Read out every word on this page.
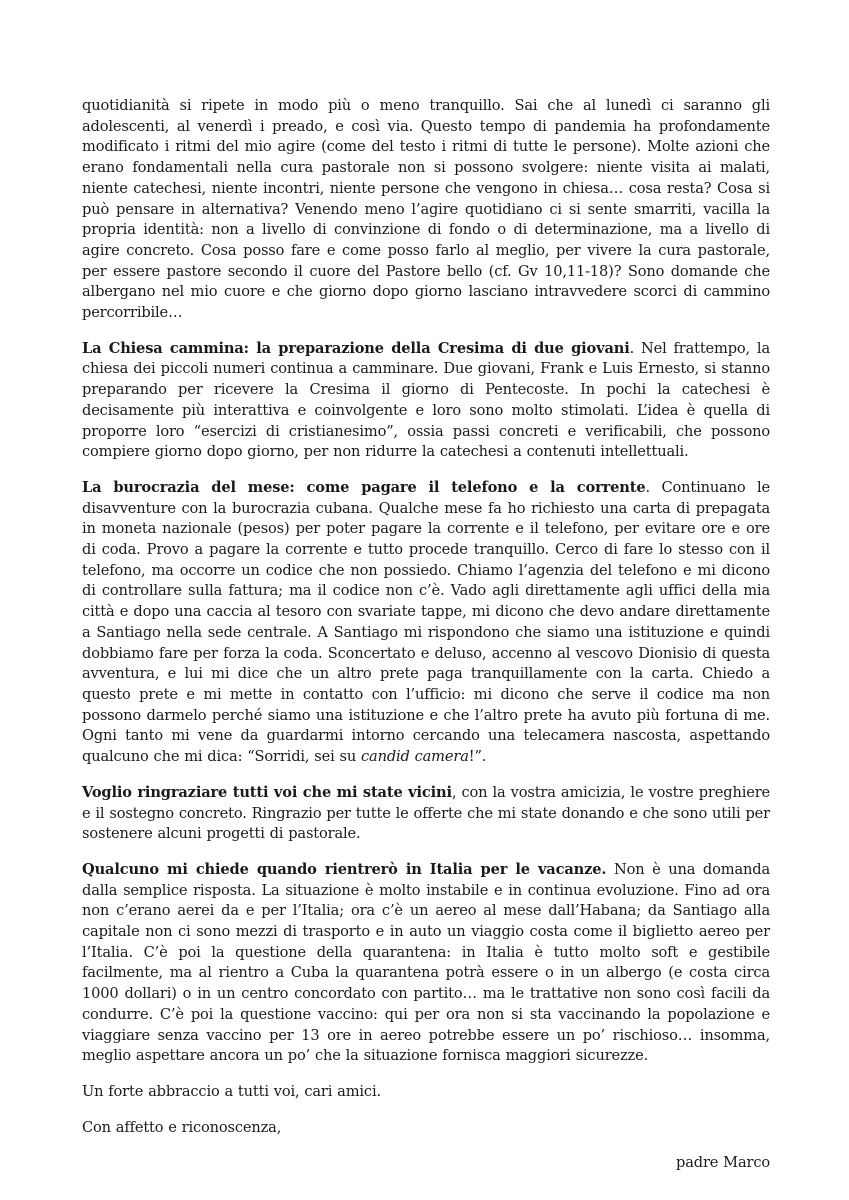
quotidianità si ripete in modo più o meno tranquillo. Sai che al lunedì ci saranno gli adolescenti, al venerdì i preado, e così via. Questo tempo di pandemia ha profondamente modificato i ritmi del mio agire (come del testo i ritmi di tutte le persone). Molte azioni che erano fondamentali nella cura pastorale non si possono svolgere: niente visita ai malati, niente catechesi, niente incontri, niente persone che vengono in chiesa… cosa resta? Cosa si può pensare in alternativa? Venendo meno l’agire quotidiano ci si sente smarriti, vacilla la propria identità: non a livello di convinzione di fondo o di determinazione, ma a livello di agire concreto. Cosa posso fare e come posso farlo al meglio, per vivere la cura pastorale, per essere pastore secondo il cuore del Pastore bello (cf. Gv 10,11-18)? Sono domande che albergano nel mio cuore e che giorno dopo giorno lasciano intravvedere scorci di cammino percorribile…

La Chiesa cammina: la preparazione della Cresima di due giovani. Nel frattempo, la chiesa dei piccoli numeri continua a camminare. Due giovani, Frank e Luis Ernesto, si stanno preparando per ricevere la Cresima il giorno di Pentecoste. In pochi la catechesi è decisamente più interattiva e coinvolgente e loro sono molto stimolati. L’idea è quella di proporre loro “esercizi di cristianesimo”, ossia passi concreti e verificabili, che possono compiere giorno dopo giorno, per non ridurre la catechesi a contenuti intellettuali.

La burocrazia del mese: come pagare il telefono e la corrente. Continuano le disavventure con la burocrazia cubana. Qualche mese fa ho richiesto una carta di prepagata in moneta nazionale (pesos) per poter pagare la corrente e il telefono, per evitare ore e ore di coda. Provo a pagare la corrente e tutto procede tranquillo. Cerco di fare lo stesso con il telefono, ma occorre un codice che non possiedo. Chiamo l’agenzia del telefono e mi dicono di controllare sulla fattura; ma il codice non c’è. Vado agli direttamente agli uffici della mia città e dopo una caccia al tesoro con svariate tappe, mi dicono che devo andare direttamente a Santiago nella sede centrale. A Santiago mi rispondono che siamo una istituzione e quindi dobbiamo fare per forza la coda. Sconcertato e deluso, accenno al vescovo Dionisio di questa avventura, e lui mi dice che un altro prete paga tranquillamente con la carta. Chiedo a questo prete e mi mette in contatto con l’ufficio: mi dicono che serve il codice ma non possono darmelo perché siamo una istituzione e che l’altro prete ha avuto più fortuna di me. Ogni tanto mi vene da guardarmi intorno cercando una telecamera nascosta, aspettando qualcuno che mi dica: “Sorridi, sei su candid camera!”.

Voglio ringraziare tutti voi che mi state vicini, con la vostra amicizia, le vostre preghiere e il sostegno concreto. Ringrazio per tutte le offerte che mi state donando e che sono utili per sostenere alcuni progetti di pastorale.

Qualcuno mi chiede quando rientrerò in Italia per le vacanze. Non è una domanda dalla semplice risposta. La situazione è molto instabile e in continua evoluzione. Fino ad ora non c’erano aerei da e per l’Italia; ora c’è un aereo al mese dall’Habana; da Santiago alla capitale non ci sono mezzi di trasporto e in auto un viaggio costa come il biglietto aereo per l’Italia. C’è poi la questione della quarantena: in Italia è tutto molto soft e gestibile facilmente, ma al rientro a Cuba la quarantena potrà essere o in un albergo (e costa circa 1000 dollari) o in un centro concordato con partito… ma le trattative non sono così facili da condurre. C’è poi la questione vaccino: qui per ora non si sta vaccinando la popolazione e viaggiare senza vaccino per 13 ore in aereo potrebbe essere un po’ rischioso… insomma, meglio aspettare ancora un po’ che la situazione fornisca maggiori sicurezze.

Un forte abbraccio a tutti voi, cari amici.

Con affetto e riconoscenza,

padre Marco
